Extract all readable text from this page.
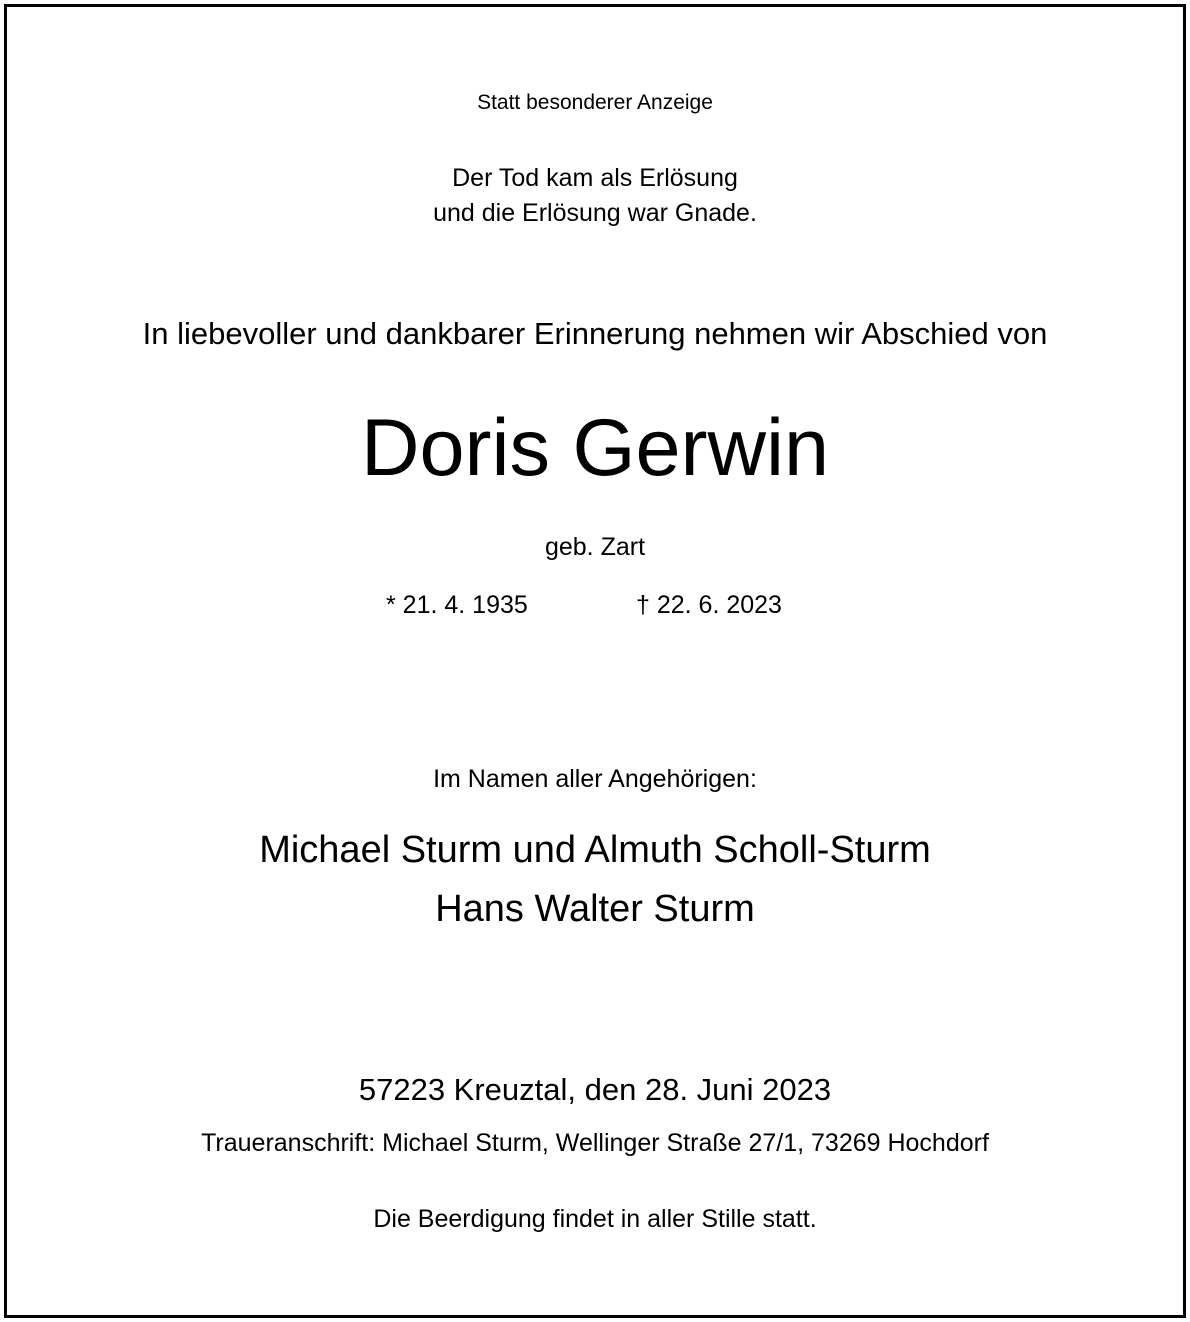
Statt besonderer Anzeige
Der Tod kam als Erlösung
und die Erlösung war Gnade.
In liebevoller und dankbarer Erinnerung nehmen wir Abschied von
Doris Gerwin
geb. Zart
* 21. 4. 1935	† 22. 6. 2023
Im Namen aller Angehörigen:
Michael Sturm und Almuth Scholl-Sturm
Hans Walter Sturm
57223 Kreuztal, den 28. Juni 2023
Traueranschrift: Michael Sturm, Wellinger Straße 27/1, 73269 Hochdorf
Die Beerdigung findet in aller Stille statt.
